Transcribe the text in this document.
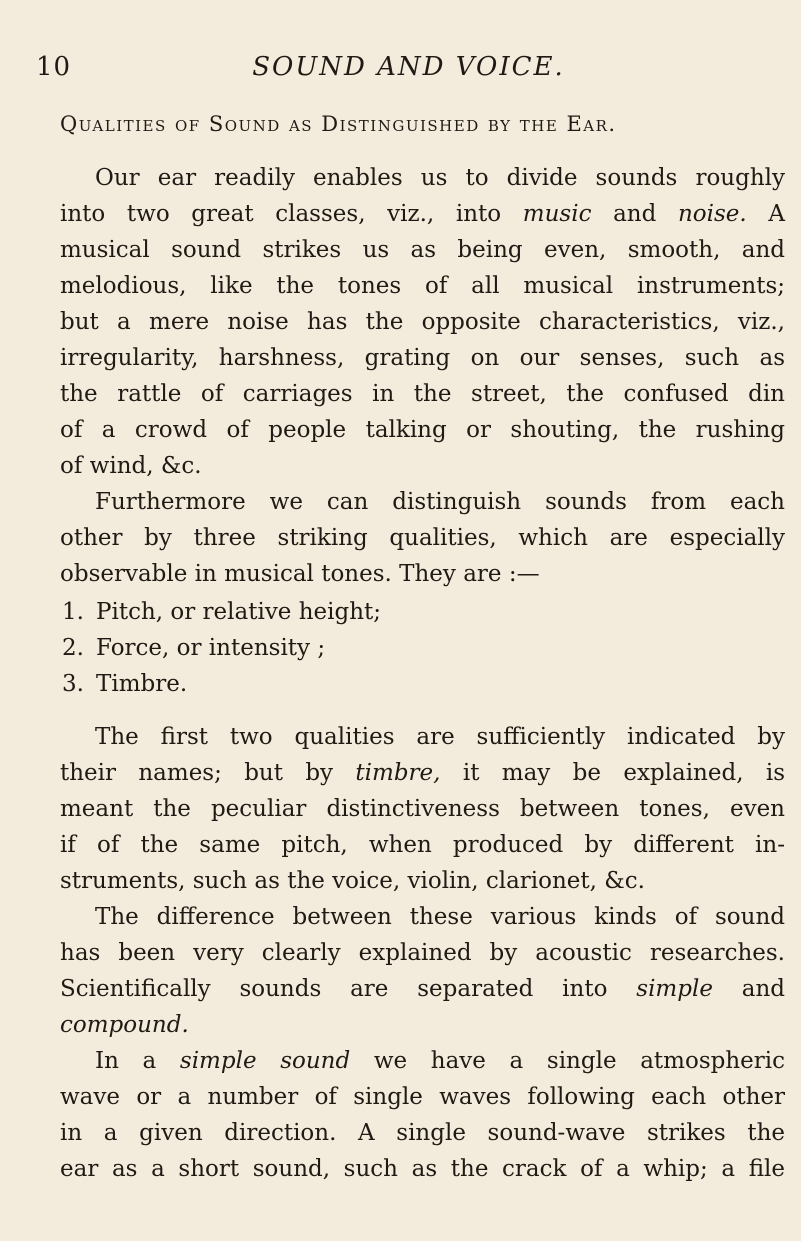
10	SOUND AND VOICE.
Qualities of Sound as Distinguished by the Ear.
Our ear readily enables us to divide sounds roughly
into two great classes, viz., into music and noise. A
musical sound strikes us as being even, smooth, and
melodious, like the tones of all musical instruments;
but a mere noise has the opposite characteristics, viz.,
irregularity, harshness, grating on our senses, such as
the rattle of carriages in the street, the confused din
of a crowd of people talking or shouting, the rushing
of wind, &c.
Furthermore we can distinguish sounds from each
other by three striking qualities, which are especially
observable in musical tones. They are :—
1. Pitch, or relative height;
2. Force, or intensity ;
3. Timbre.
The first two qualities are sufficiently indicated by
their names; but by timbre, it may be explained, is
meant the peculiar distinctiveness between tones, even
if of the same pitch, when produced by different in-
struments, such as the voice, violin, clarionet, &c.
The difference between these various kinds of sound
has been very clearly explained by acoustic researches.
Scientifically sounds are separated into simple and
compound.
In a simple sound we have a single atmospheric
wave or a number of single waves following each other
in a given direction. A single sound-wave strikes the
ear as a short sound, such as the crack of a whip; a file
